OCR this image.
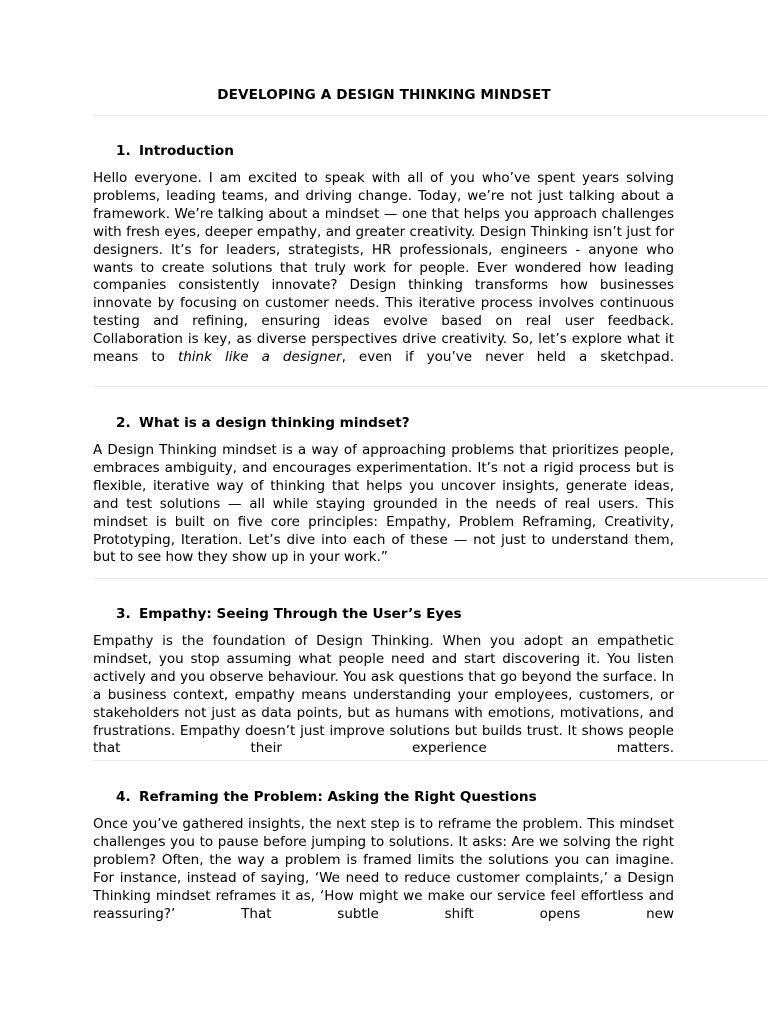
DEVELOPING A DESIGN THINKING MINDSET
1. Introduction

Hello everyone. I am excited to speak with all of you who’ve spent years solving problems, leading teams, and driving change. Today, we’re not just talking about a framework. We’re talking about a mindset — one that helps you approach challenges with fresh eyes, deeper empathy, and greater creativity. Design Thinking isn’t just for designers. It’s for leaders, strategists, HR professionals, engineers - anyone who wants to create solutions that truly work for people. Ever wondered how leading companies consistently innovate? Design thinking transforms how businesses innovate by focusing on customer needs. This iterative process involves continuous testing and refining, ensuring ideas evolve based on real user feedback. Collaboration is key, as diverse perspectives drive creativity. So, let’s explore what it means to think like a designer, even if you’ve never held a sketchpad.

2. What is a design thinking mindset?

A Design Thinking mindset is a way of approaching problems that prioritizes people, embraces ambiguity, and encourages experimentation. It’s not a rigid process but is flexible, iterative way of thinking that helps you uncover insights, generate ideas, and test solutions — all while staying grounded in the needs of real users. This mindset is built on five core principles: Empathy, Problem Reframing, Creativity, Prototyping, Iteration. Let’s dive into each of these — not just to understand them, but to see how they show up in your work.”

3. Empathy: Seeing Through the User’s Eyes

Empathy is the foundation of Design Thinking. When you adopt an empathetic mindset, you stop assuming what people need and start discovering it. You listen actively and you observe behaviour. You ask questions that go beyond the surface. In a business context, empathy means understanding your employees, customers, or stakeholders not just as data points, but as humans with emotions, motivations, and frustrations. Empathy doesn’t just improve solutions but builds trust. It shows people that their experience matters.

4. Reframing the Problem: Asking the Right Questions

Once you’ve gathered insights, the next step is to reframe the problem. This mindset challenges you to pause before jumping to solutions. It asks: Are we solving the right problem? Often, the way a problem is framed limits the solutions you can imagine. For instance, instead of saying, ‘We need to reduce customer complaints,’ a Design Thinking mindset reframes it as, ‘How might we make our service feel effortless and reassuring?’ That subtle shift opens new
